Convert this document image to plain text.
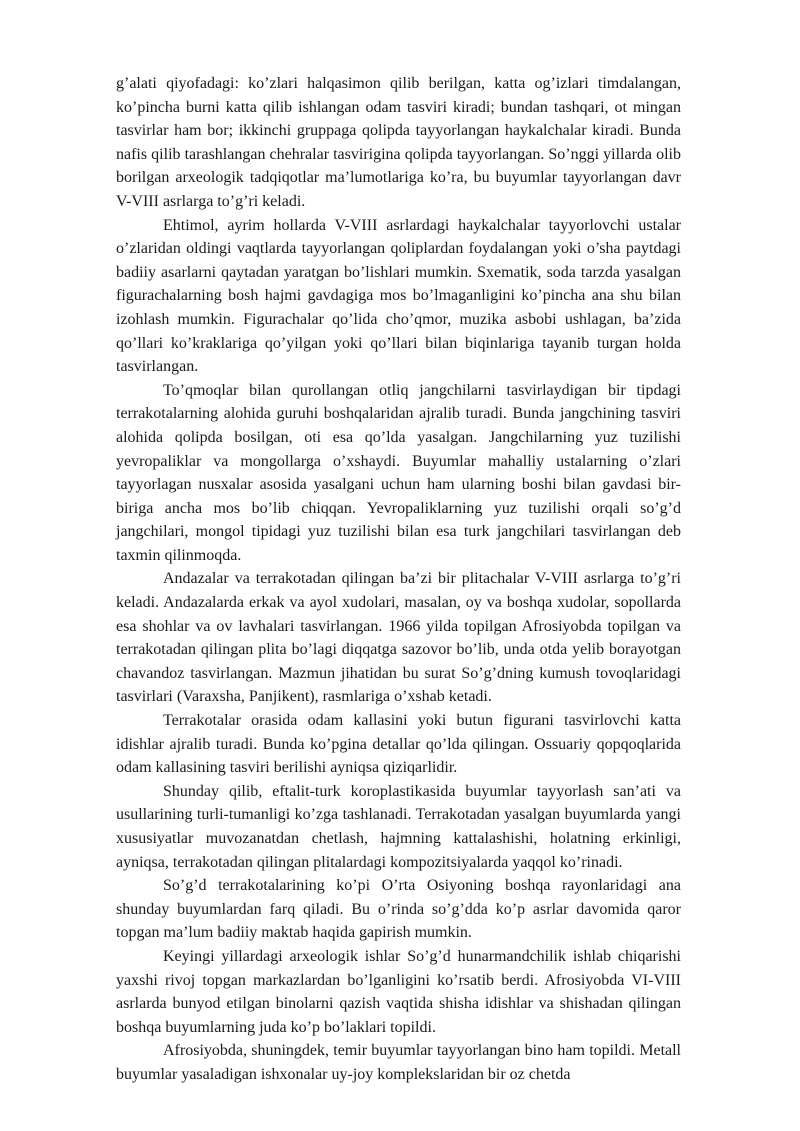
g’alati qiyofadagi: ko’zlari halqasimon qilib berilgan, katta og’izlari timdalangan, ko’pincha burni katta qilib ishlangan odam tasviri kiradi; bundan tashqari, ot mingan tasvirlar ham bor; ikkinchi gruppaga qolipda tayyorlangan haykalchalar kiradi. Bunda nafis qilib tarashlangan chehralar tasvirigina qolipda tayyorlangan. So’nggi yillarda olib borilgan arxeologik tadqiqotlar ma’lumotlariga ko’ra, bu buyumlar tayyorlangan davr V-VIII asrlarga to’g’ri keladi.

Ehtimol, ayrim hollarda V-VIII asrlardagi haykalchalar tayyorlovchi ustalar o’zlaridan oldingi vaqtlarda tayyorlangan qoliplardan foydalangan yoki o’sha paytdagi badiiy asarlarni qaytadan yaratgan bo’lishlari mumkin. Sxematik, soda tarzda yasalgan figurachalarning bosh hajmi gavdagiga mos bo’lmaganligini ko’pincha ana shu bilan izohlash mumkin. Figurachalar qo’lida cho’qmor, muzika asbobi ushlagan, ba’zida qo’llari ko’kraklariga qo’yilgan yoki qo’llari bilan biqinlariga tayanib turgan holda tasvirlangan.

To’qmoqlar bilan qurollangan otliq jangchilarni tasvirlaydigan bir tipdagi terrakotalarning alohida guruhi boshqalaridan ajralib turadi. Bunda jangchining tasviri alohida qolipda bosilgan, oti esa qo’lda yasalgan. Jangchilarning yuz tuzilishi yevropaliklar va mongollarga o’xshaydi. Buyumlar mahalliy ustalarning o’zlari tayyorlagan nusxalar asosida yasalgani uchun ham ularning boshi bilan gavdasi bir-biriga ancha mos bo’lib chiqqan. Yevropaliklarning yuz tuzilishi orqali so’g’d jangchilari, mongol tipidagi yuz tuzilishi bilan esa turk jangchilari tasvirlangan deb taxmin qilinmoqda.

Andazalar va terrakotadan qilingan ba’zi bir plitachalar V-VIII asrlarga to’g’ri keladi. Andazalarda erkak va ayol xudolari, masalan, oy va boshqa xudolar, sopollarda esa shohlar va ov lavhalari tasvirlangan. 1966 yilda topilgan Afrosiyobda topilgan va terrakotadan qilingan plita bo’lagi diqqatga sazovor bo’lib, unda otda yelib borayotgan chavandoz tasvirlangan. Mazmun jihatidan bu surat So’g’dning kumush tovoqlaridagi tasvirlari (Varaxsha, Panjikent), rasmlariga o’xshab ketadi.

Terrakotalar orasida odam kallasini yoki butun figurani tasvirlovchi katta idishlar ajralib turadi. Bunda ko’pgina detallar qo’lda qilingan. Ossuariy qopqoqlarida odam kallasining tasviri berilishi ayniqsa qiziqarlidir.

Shunday qilib, eftalit-turk koroplastikasida buyumlar tayyorlash san’ati va usullarining turli-tumanligi ko’zga tashlanadi. Terrakotadan yasalgan buyumlarda yangi xususiyatlar muvozanatdan chetlash, hajmning kattalashishi, holatning erkinligi, ayniqsa, terrakotadan qilingan plitalardagi kompozitsiyalarda yaqqol ko’rinadi.

So’g’d terrakotalarining ko’pi O’rta Osiyoning boshqa rayonlaridagi ana shunday buyumlardan farq qiladi. Bu o’rinda so’g’dda ko’p asrlar davomida qaror topgan ma’lum badiiy maktab haqida gapirish mumkin.

Keyingi yillardagi arxeologik ishlar So’g’d hunarmandchilik ishlab chiqarishi yaxshi rivoj topgan markazlardan bo’lganligini ko’rsatib berdi. Afrosiyobda VI-VIII asrlarda bunyod etilgan binolarni qazish vaqtida shisha idishlar va shishadan qilingan boshqa buyumlarning juda ko’p bo’laklari topildi.

Afrosiyobda, shuningdek, temir buyumlar tayyorlangan bino ham topildi. Metall buyumlar yasaladigan ishxonalar uy-joy komplekslaridan bir oz chetda
